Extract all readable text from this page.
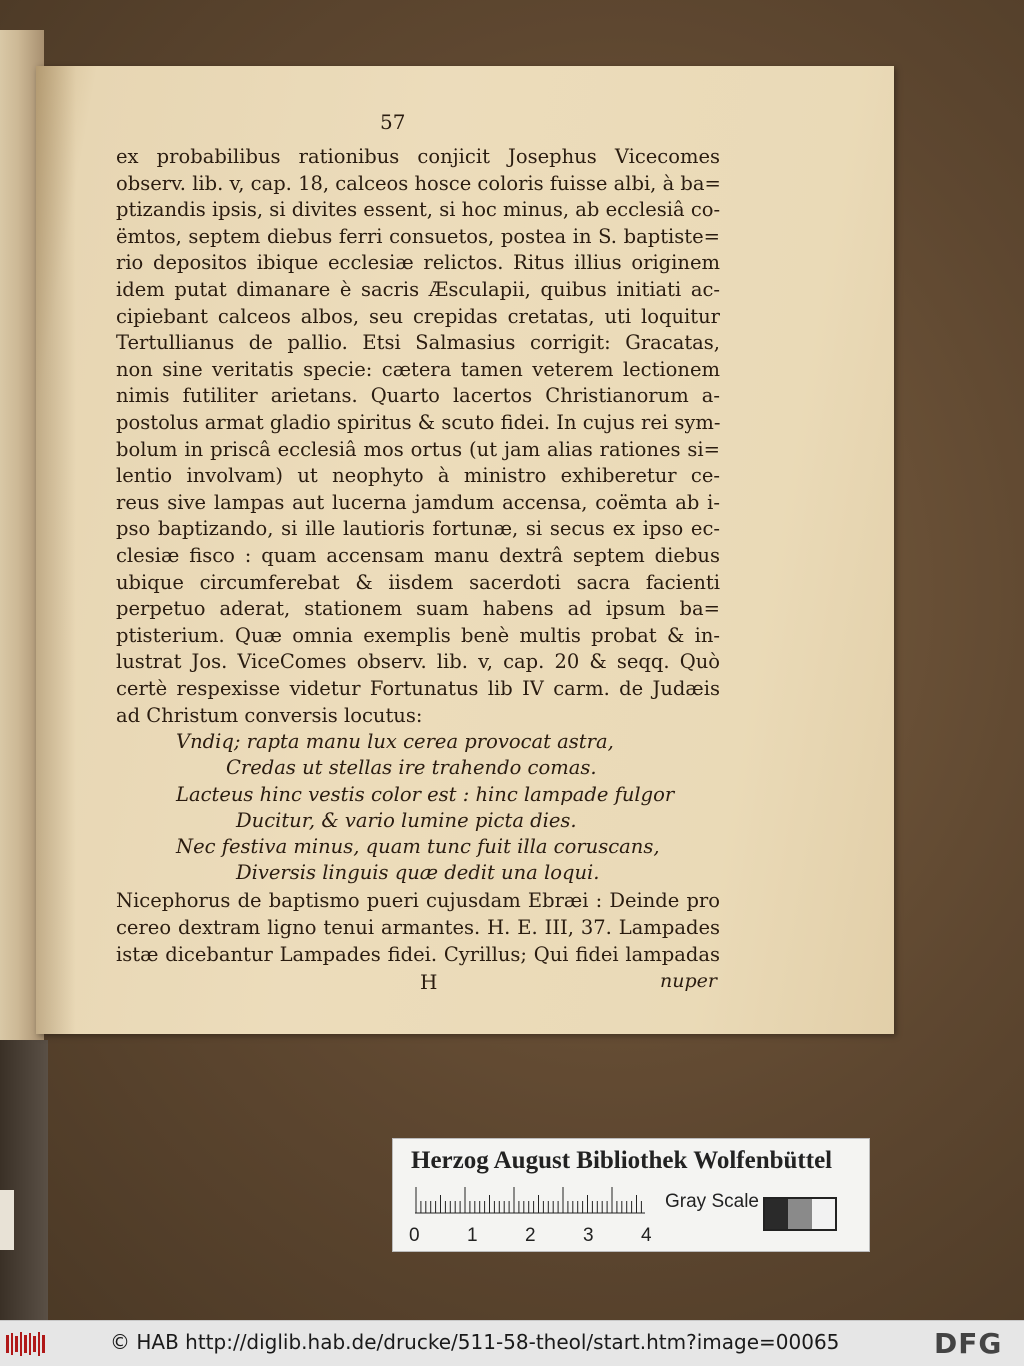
57
ex probabilibus rationibus conjicit Josephus Vicecomes
observ. lib. v, cap. 18, calceos hosce coloris fuisse albi, à ba=
ptizandis ipsis, si divites essent, si hoc minus, ab ecclesiâ co-
ëmtos, septem diebus ferri consuetos, postea in S. baptiste=
rio depositos ibique ecclesiæ relictos. Ritus illius originem
idem putat dimanare è sacris Æsculapii, quibus initiati ac-
cipiebant calceos albos, seu crepidas cretatas, uti loquitur
Tertullianus de pallio. Etsi Salmasius corrigit: Gracatas,
non sine veritatis specie: cætera tamen veterem lectionem
nimis futiliter arietans. Quarto lacertos Christianorum a-
postolus armat gladio spiritus & scuto fidei. In cujus rei sym-
bolum in priscâ ecclesiâ mos ortus (ut jam alias rationes si=
lentio involvam) ut neophyto à ministro exhiberetur ce-
reus sive lampas aut lucerna jamdum accensa, coëmta ab i-
pso baptizando, si ille lautioris fortunæ, si secus ex ipso ec-
clesiæ fisco : quam accensam manu dextrâ septem diebus
ubique circumferebat & iisdem sacerdoti sacra facienti
perpetuo aderat, stationem suam habens ad ipsum ba=
ptisterium. Quæ omnia exemplis benè multis probat & in-
lustrat Jos. ViceComes observ. lib. v, cap. 20 & seqq. Quò
certè respexisse videtur Fortunatus lib IV carm. de Judæis
ad Christum conversis locutus:
Vndiq; rapta manu lux cerea provocat astra,
Credas ut stellas ire trahendo comas.
Lacteus hinc vestis color est : hinc lampade fulgor
Ducitur, & vario lumine picta dies.
Nec festiva minus, quam tunc fuit illa coruscans,
Diversis linguis quæ dedit una loqui.
Nicephorus de baptismo pueri cujusdam Ebræi : Deinde pro
cereo dextram ligno tenui armantes. H. E. III, 37. Lampades
istæ dicebantur Lampades fidei. Cyrillus; Qui fidei lampadas
H	nuper
Herzog August Bibliothek Wolfenbüttel
0 1 2 3 4
Gray Scale
© HAB http://diglib.hab.de/drucke/511-58-theol/start.htm?image=00065	DFG
